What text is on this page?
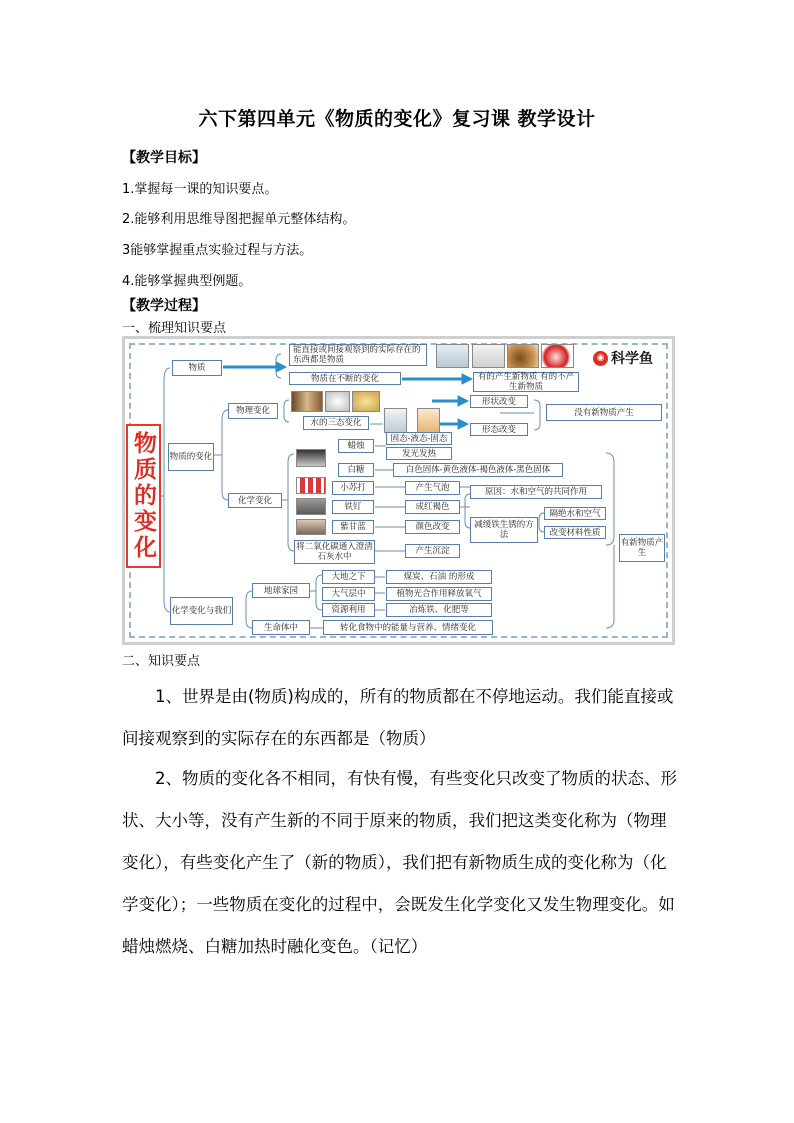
六下第四单元《物质的变化》复习课 教学设计
【教学目标】
1.掌握每一课的知识要点。
2.能够利用思维导图把握单元整体结构。
3能够掌握重点实验过程与方法。
4.能够掌握典型例题。
【教学过程】
一、梳理知识要点
物质的变化
◉ 科学鱼
物质
能直接或间接观察到的实际存在的东西都是物质
物质在不断的变化	有的产生新物质 有的不产生新物质
物质的变化
物理变化
水的三态变化
形状改变
形态改变
没有新物质产生
化学变化
蜡烛
固态-液态-固态
发光发热
白糖	白色固体-黄色液体-褐色液体-黑色固体
小苏打	产生气泡
铁钉	成红褐色
紫甘蓝	颜色改变
将二氧化碳通入澄清石灰水中
产生沉淀
原因：水和空气的共同作用
减缓铁生锈的方法
隔绝水和空气
改变材料性质
有新物质产生
化学变化与我们
地球家园
生命体中
大地之下	煤炭、石油 的形成
大气层中	植物光合作用释放氧气
资源利用	冶炼铁、化肥等
转化食物中的能量与营养、情绪变化
二、知识要点
1、世界是由(物质)构成的，所有的物质都在不停地运动。我们能直接或间接观察到的实际存在的东西都是（物质）
2、物质的变化各不相同，有快有慢，有些变化只改变了物质的状态、形状、大小等，没有产生新的不同于原来的物质，我们把这类变化称为（物理变化），有些变化产生了（新的物质），我们把有新物质生成的变化称为（化学变化）；一些物质在变化的过程中，会既发生化学变化又发生物理变化。如蜡烛燃烧、白糖加热时融化变色。（记忆）
